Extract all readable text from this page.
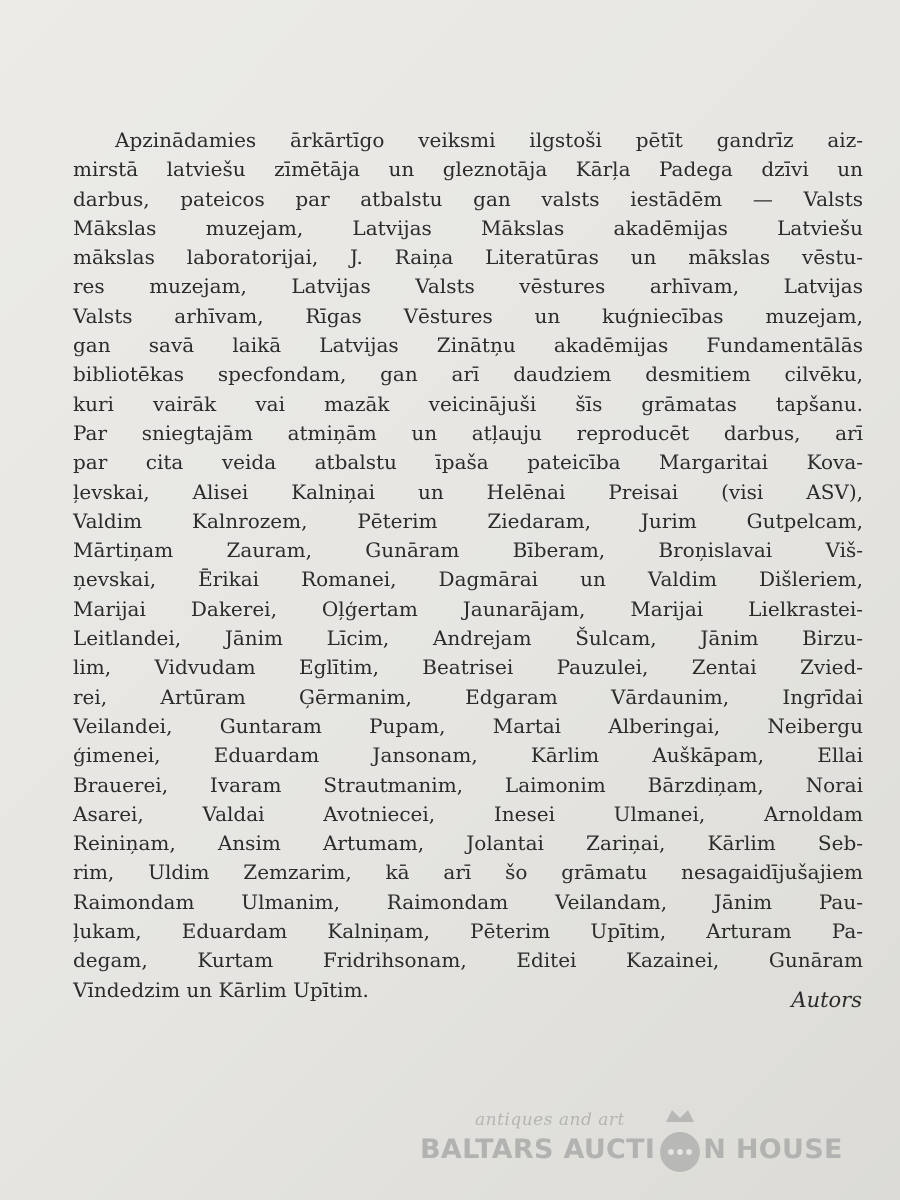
Apzinādamies ārkārtīgo veiksmi ilgstoši pētīt gandrīz aiz-
mirstā latviešu zīmētāja un gleznotāja Kārļa Padega dzīvi un
darbus, pateicos par atbalstu gan valsts iestādēm — Valsts
Mākslas muzejam, Latvijas Mākslas akadēmijas Latviešu
mākslas laboratorijai, J. Raiņa Literatūras un mākslas vēstu-
res muzejam, Latvijas Valsts vēstures arhīvam, Latvijas
Valsts arhīvam, Rīgas Vēstures un kuģniecības muzejam,
gan savā laikā Latvijas Zinātņu akadēmijas Fundamentālās
bibliotēkas specfondam, gan arī daudziem desmitiem cilvēku,
kuri vairāk vai mazāk veicinājuši šīs grāmatas tapšanu.
Par sniegtajām atmiņām un atļauju reproducēt darbus, arī
par cita veida atbalstu īpaša pateicība Margaritai Kova-
ļevskai, Alisei Kalniņai un Helēnai Preisai (visi ASV),
Valdim Kalnrozem, Pēterim Ziedaram, Jurim Gutpelcam,
Mārtiņam Zauram, Gunāram Bīberam, Broņislavai Viš-
ņevskai, Ērikai Romanei, Dagmārai un Valdim Dišleriem,
Marijai Dakerei, Oļģertam Jaunarājam, Marijai Lielkrastei-
Leitlandei, Jānim Līcim, Andrejam Šulcam, Jānim Birzu-
lim, Vidvudam Eglītim, Beatrisei Pauzulei, Zentai Zvied-
rei, Artūram Ģērmanim, Edgaram Vārdaunim, Ingrīdai
Veilandei, Guntaram Pupam, Martai Alberingai, Neibergu
ģimenei, Eduardam Jansonam, Kārlim Auškāpam, Ellai
Brauerei, Ivaram Strautmanim, Laimonim Bārzdiņam, Norai
Asarei, Valdai Avotniecei, Inesei Ulmanei, Arnoldam
Reiniņam, Ansim Artumam, Jolantai Zariņai, Kārlim Seb-
rim, Uldim Zemzarim, kā arī šo grāmatu nesagaidījušajiem
Raimondam Ulmanim, Raimondam Veilandam, Jānim Pau-
ļukam, Eduardam Kalniņam, Pēterim Upītim, Arturam Pa-
degam, Kurtam Fridrihsonam, Editei Kazainei, Gunāram
Vīndedzim un Kārlim Upītim.	Autors
antiques and art
BALTARS AUCTI N HOUSE
